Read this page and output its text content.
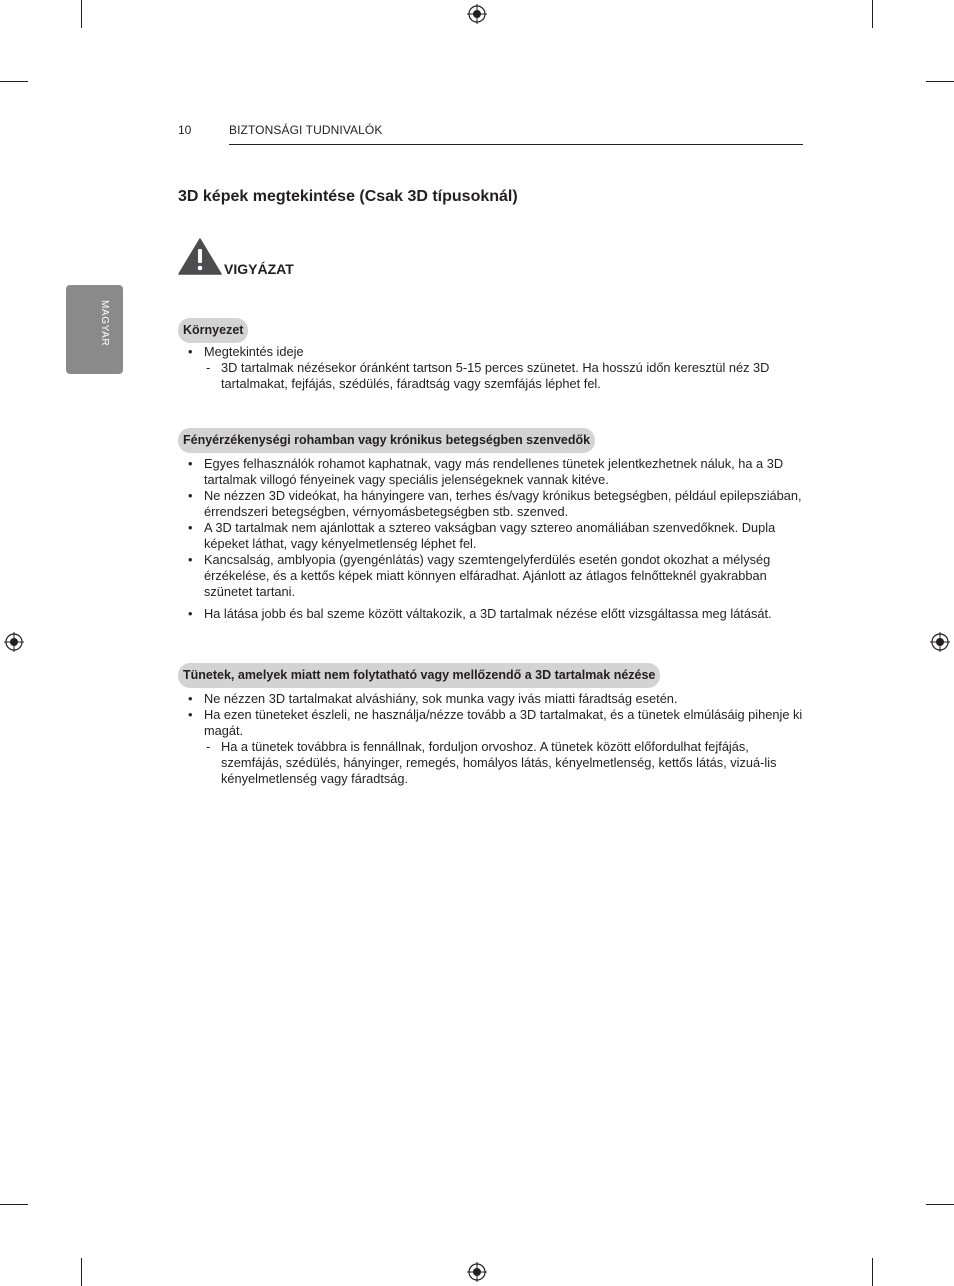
10	BIZTONSÁGI TUDNIVALÓK
MAGYAR
3D képek megtekintése (Csak 3D típusoknál)
VIGYÁZAT
Környezet
• Megtekintés ideje
- 3D tartalmak nézésekor óránként tartson 5-15 perces szünetet. Ha hosszú időn keresztül néz 3D tartalmakat, fejfájás, szédülés, fáradtság vagy szemfájás léphet fel.
Fényérzékenységi rohamban vagy krónikus betegségben szenvedők
• Egyes felhasználók rohamot kaphatnak, vagy más rendellenes tünetek jelentkezhetnek náluk, ha a 3D tartalmak villogó fényeinek vagy speciális jelenségeknek vannak kitéve.
• Ne nézzen 3D videókat, ha hányingere van, terhes és/vagy krónikus betegségben, például epilepsziában, érrendszeri betegségben, vérnyomásbetegségben stb. szenved.
• A 3D tartalmak nem ajánlottak a sztereo vakságban vagy sztereo anomáliában szenvedőknek. Dupla képeket láthat, vagy kényelmetlenség léphet fel.
• Kancsalság, amblyopia (gyengénlátás) vagy szemtengelyferdülés esetén gondot okozhat a mélység érzékelése, és a kettős képek miatt könnyen elfáradhat. Ajánlott az átlagos felnőtteknél gyakrabban szünetet tartani.
• Ha látása jobb és bal szeme között váltakozik, a 3D tartalmak nézése előtt vizsgáltassa meg látását.
Tünetek, amelyek miatt nem folytatható vagy mellőzendő a 3D tartalmak nézése
• Ne nézzen 3D tartalmakat alváshiány, sok munka vagy ivás miatti fáradtság esetén.
• Ha ezen tüneteket észleli, ne használja/nézze tovább a 3D tartalmakat, és a tünetek elmúlásáig pihenje ki magát.
- Ha a tünetek továbbra is fennállnak, forduljon orvoshoz. A tünetek között előfordulhat fejfájás, szemfájás, szédülés, hányinger, remegés, homályos látás, kényelmetlenség, kettős látás, vizuá-lis kényelmetlenség vagy fáradtság.
